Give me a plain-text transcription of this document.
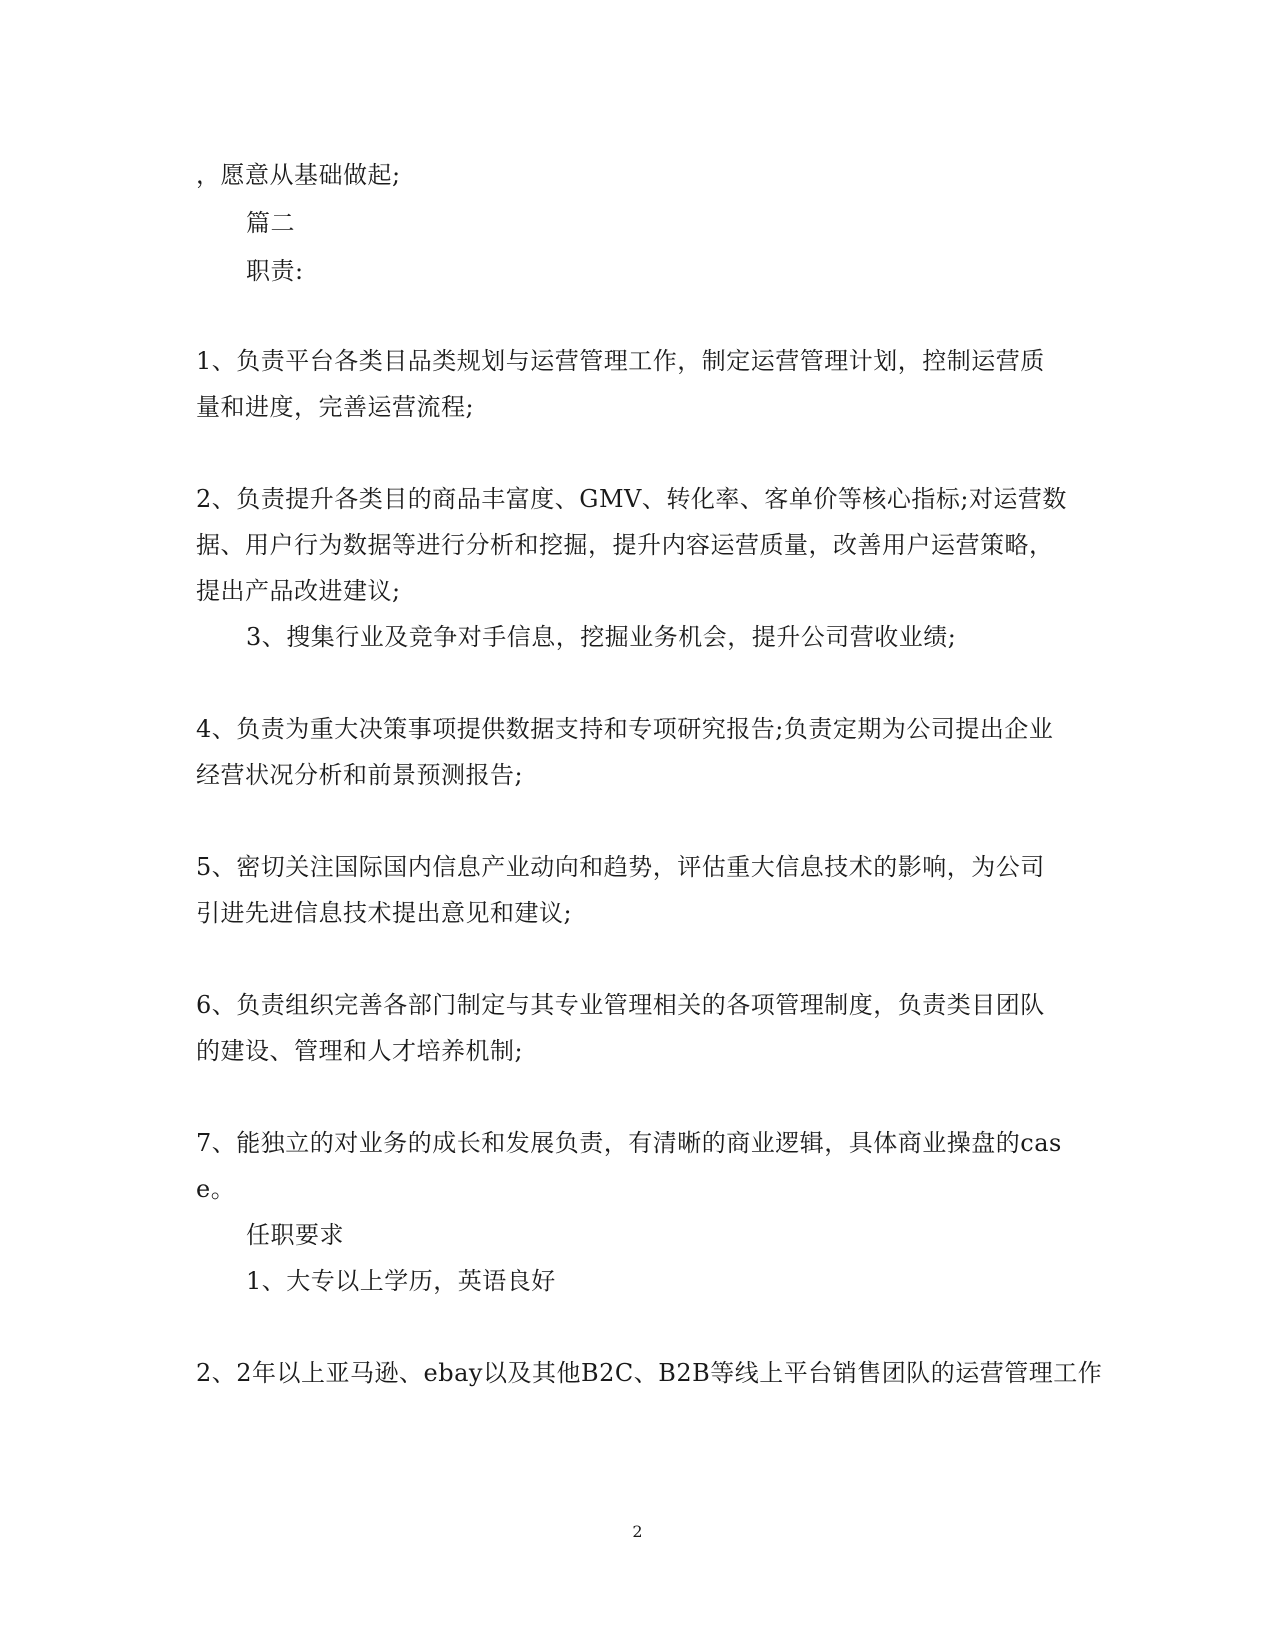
，愿意从基础做起;
篇二
职责:
1、负责平台各类目品类规划与运营管理工作，制定运营管理计划，控制运营质
量和进度，完善运营流程;
2、负责提升各类目的商品丰富度、GMV、转化率、客单价等核心指标;对运营数
据、用户行为数据等进行分析和挖掘，提升内容运营质量，改善用户运营策略，
提出产品改进建议;
3、搜集行业及竞争对手信息，挖掘业务机会，提升公司营收业绩;
4、负责为重大决策事项提供数据支持和专项研究报告;负责定期为公司提出企业
经营状况分析和前景预测报告;
5、密切关注国际国内信息产业动向和趋势，评估重大信息技术的影响，为公司
引进先进信息技术提出意见和建议;
6、负责组织完善各部门制定与其专业管理相关的各项管理制度，负责类目团队
的建设、管理和人才培养机制;
7、能独立的对业务的成长和发展负责，有清晰的商业逻辑，具体商业操盘的cas
e。
任职要求
1、大专以上学历，英语良好
2、2年以上亚马逊、ebay以及其他B2C、B2B等线上平台销售团队的运营管理工作
2
